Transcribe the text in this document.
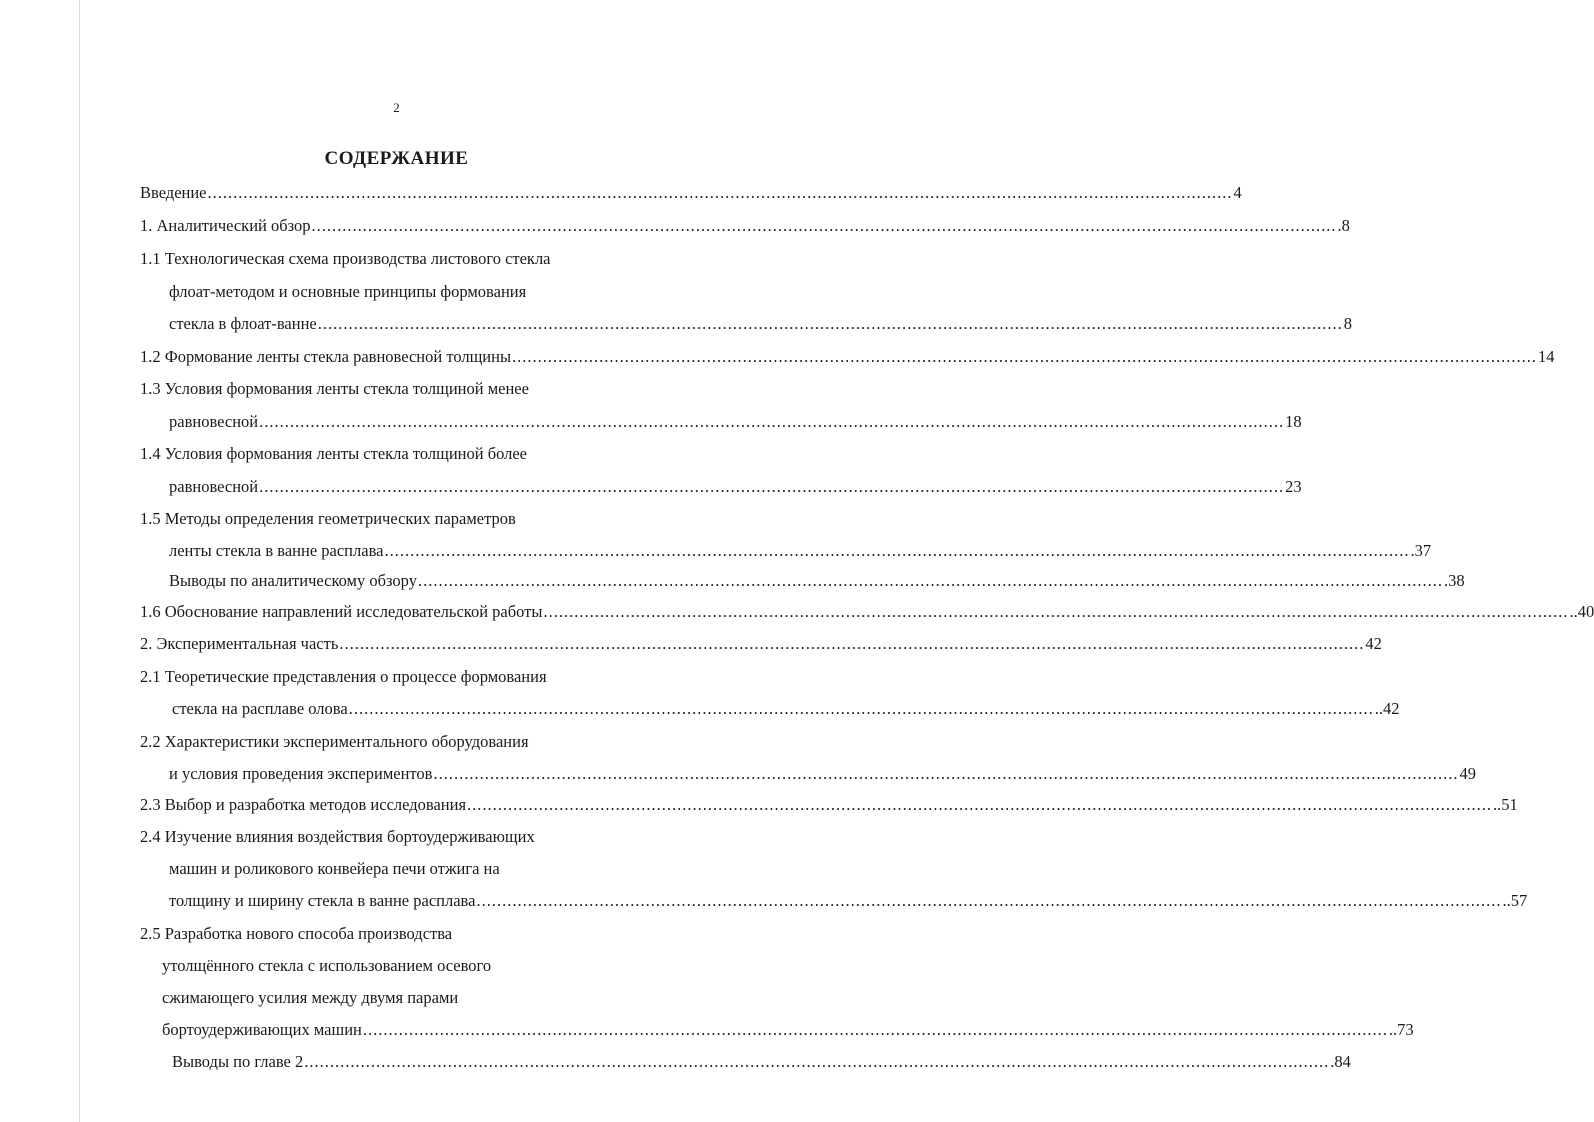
2
СОДЕРЖАНИЕ
Введение ........................................................................................................................................................................................................ 4
1. Аналитический обзор ........................................................................................................................................................................................................ .8
1.1 Технологическая схема производства листового стекла
флоат-методом и основные принципы формования
стекла в флоат-ванне ........................................................................................................................................................................................................ 8
1.2 Формование ленты стекла равновесной толщины ........................................................................................................................................................................................................ 14
1.3 Условия формования ленты стекла толщиной менее
равновесной ........................................................................................................................................................................................................ 18
1.4 Условия формования ленты стекла толщиной более
равновесной ........................................................................................................................................................................................................ 23
1.5 Методы определения геометрических параметров
ленты стекла в ванне расплава ........................................................................................................................................................................................................ .37
Выводы по аналитическому обзору ........................................................................................................................................................................................................ .38
1.6 Обоснование направлений исследовательской работы ........................................................................................................................................................................................................ ..40
2. Экспериментальная часть ........................................................................................................................................................................................................ 42
2.1 Теоретические представления о процессе формования
стекла на расплаве олова ........................................................................................................................................................................................................ ..42
2.2 Характеристики экспериментального оборудования
и условия проведения экспериментов ........................................................................................................................................................................................................ 49
2.3 Выбор и разработка методов исследования ........................................................................................................................................................................................................ ..51
2.4 Изучение влияния воздействия бортоудерживающих
машин и роликового конвейера печи отжига на
толщину и ширину стекла в ванне расплава ........................................................................................................................................................................................................ ..57
2.5 Разработка нового способа производства
утолщённого стекла с использованием осевого
сжимающего усилия между двумя парами
бортоудерживающих машин ........................................................................................................................................................................................................ ..73
Выводы по главе 2 ........................................................................................................................................................................................................ .84
